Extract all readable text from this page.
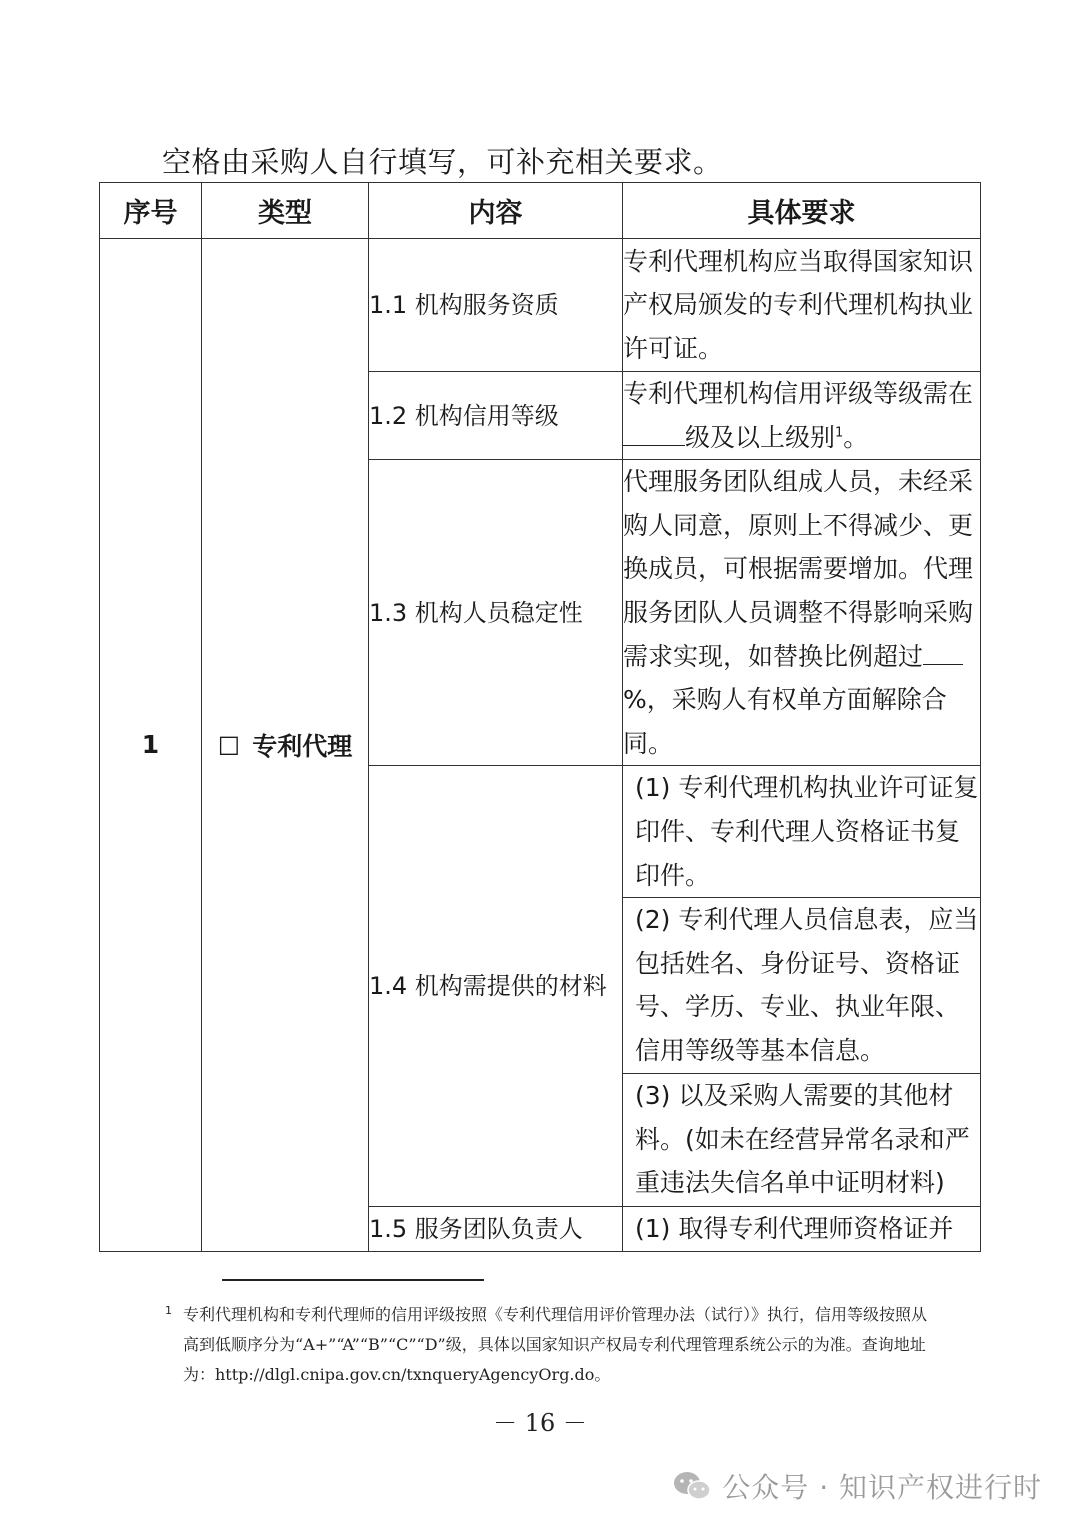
空格由采购人自行填写，可补充相关要求。
序号	类型	内容	具体要求
1	☐ 专利代理	1.1 机构服务资质	专利代理机构应当取得国家知识产权局颁发的专利代理机构执业许可证。
		1.2 机构信用等级	专利代理机构信用评级等级需在级及以上级别$^1$。
		1.3 机构人员稳定性	代理服务团队组成人员，未经采购人同意，原则上不得减少、更换成员，可根据需要增加。代理服务团队人员调整不得影响采购需求实现，如替换比例超过 %，采购人有权单方面解除合同。
		1.4 机构需提供的材料	(1) 专利代理机构执业许可证复印件、专利代理人资格证书复印件。
			(2) 专利代理人员信息表，应当包括姓名、身份证号、资格证号、学历、专业、执业年限、信用等级等基本信息。
			(3) 以及采购人需要的其他材料。(如未在经营异常名录和严重违法失信名单中证明材料)
		1.5 服务团队负责人	(1) 取得专利代理师资格证并
1 专利代理机构和专利代理师的信用评级按照《专利代理信用评价管理办法（试行）》执行，信用等级按照从高到低顺序分为“A+”“A”“B”“C”“D”级，具体以国家知识产权局专利代理管理系统公示的为准。查询地址为：http://dlgl.cnipa.gov.cn/txnqueryAgencyOrg.do。
－ 16 －
公众号 · 知识产权进行时
